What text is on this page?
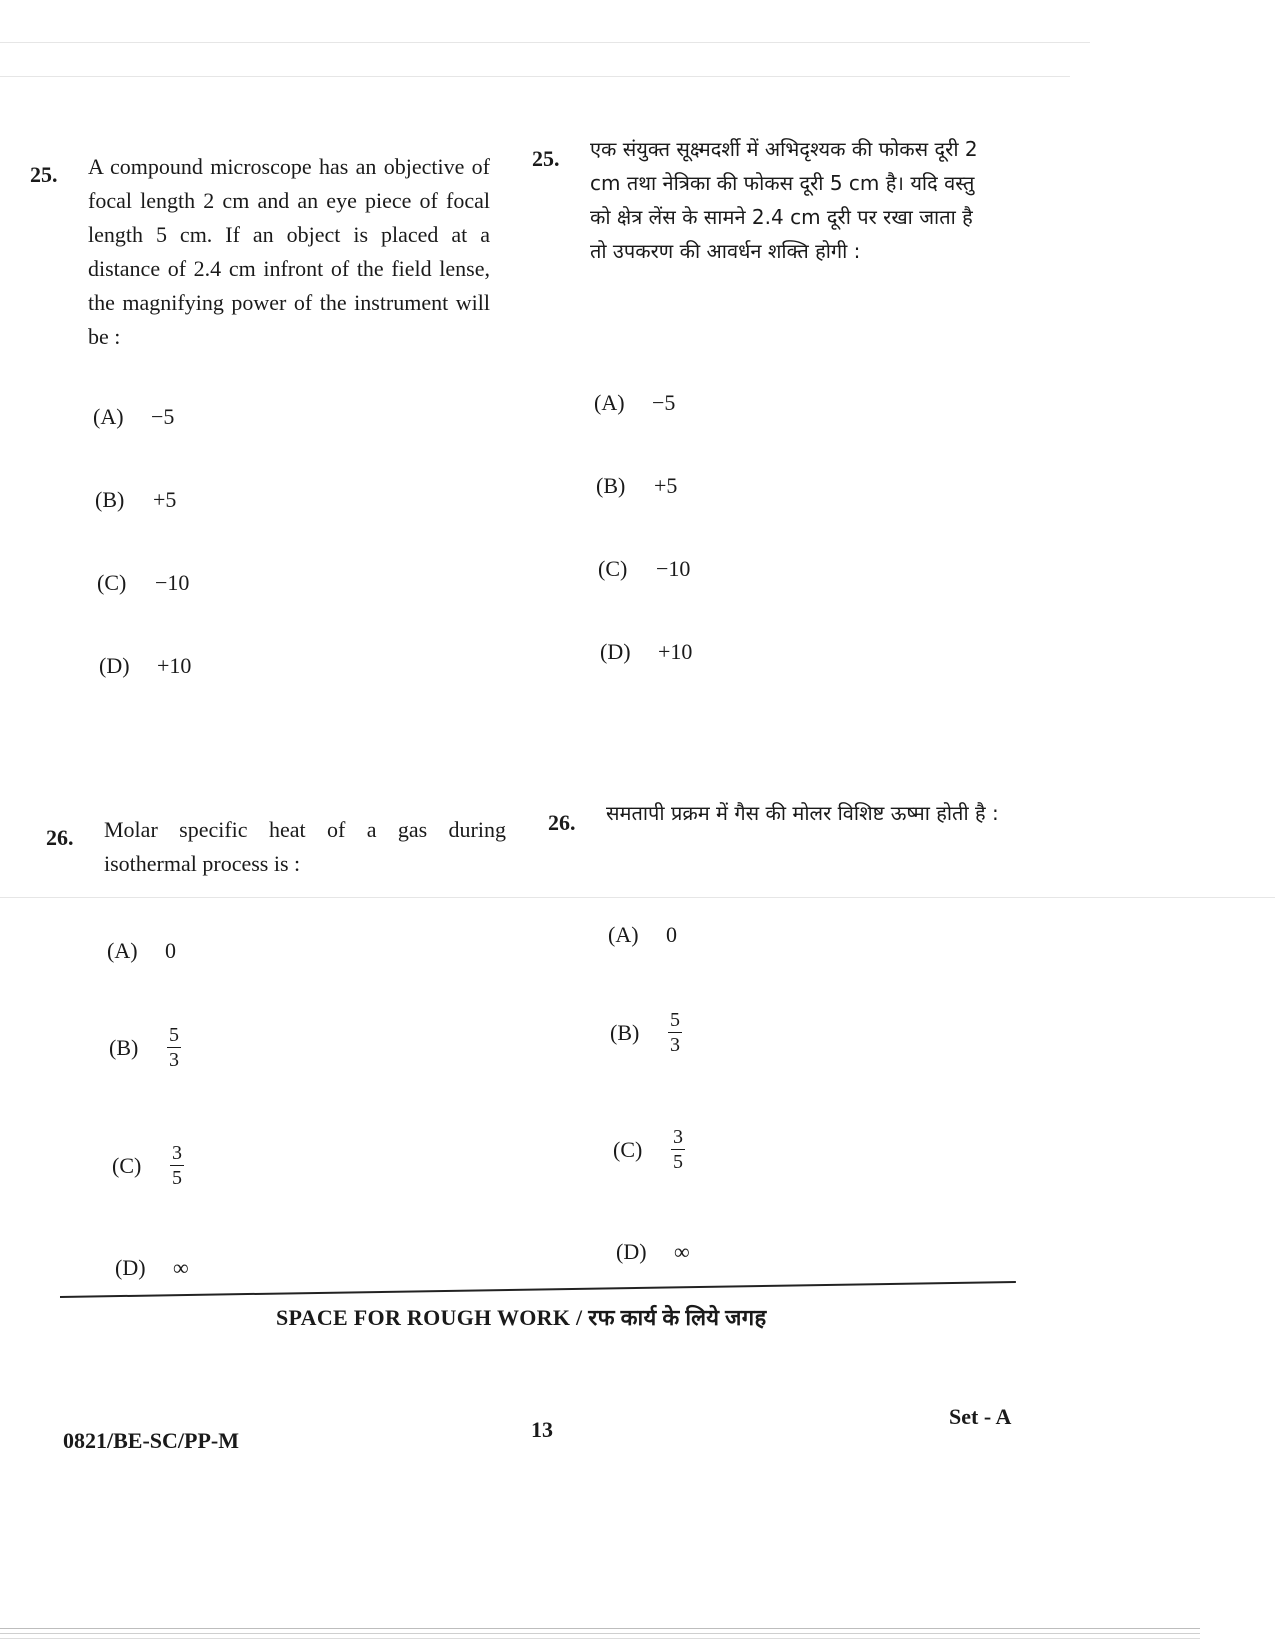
25. A compound microscope has an objective of focal length 2 cm and an eye piece of focal length 5 cm. If an object is placed at a distance of 2.4 cm infront of the field lense, the magnifying power of the instrument will be :
25. एक संयुक्त सूक्ष्मदर्शी में अभिदृश्यक की फोकस दूरी 2 cm तथा नेत्रिका की फोकस दूरी 5 cm है। यदि वस्तु को क्षेत्र लेंस के सामने 2.4 cm दूरी पर रखा जाता है तो उपकरण की आवर्धन शक्ति होगी :
(A)	−5
(B)	+5
(C)	−10
(D)	+10
(A)	−5
(B)	+5
(C)	−10
(D)	+10
26. Molar specific heat of a gas during isothermal process is :
26. समतापी प्रक्रम में गैस की मोलर विशिष्ट ऊष्मा होती है :
(A)	0
(B)	$\frac{5}{3}$
(C)	$\frac{3}{5}$
(D)	∞
(A)	0
(B)	$\frac{5}{3}$
(C)	$\frac{3}{5}$
(D)	∞
SPACE FOR ROUGH WORK / रफ कार्य के लिये जगह
0821/BE-SC/PP-M	13
Set - A
